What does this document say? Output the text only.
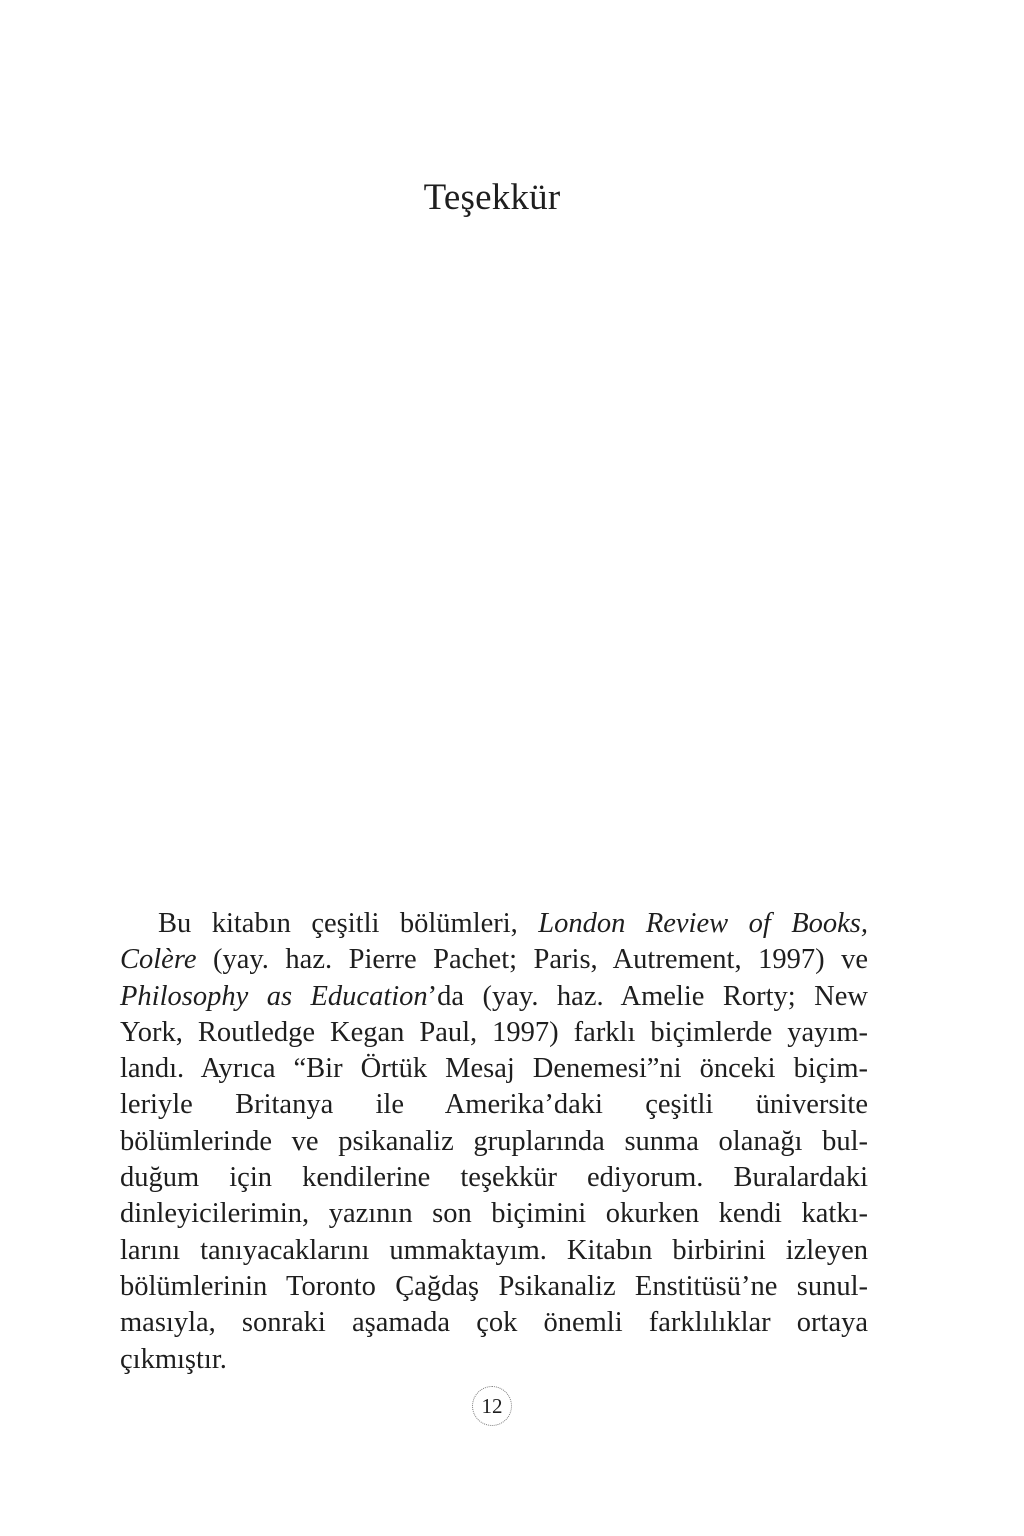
Teşekkür
Bu kitabın çeşitli bölümleri, London Review of Books,
Colère (yay. haz. Pierre Pachet; Paris, Autrement, 1997) ve
Philosophy as Education’da (yay. haz. Amelie Rorty; New
York, Routledge Kegan Paul, 1997) farklı biçimlerde yayım-
landı. Ayrıca “Bir Örtük Mesaj Denemesi”ni önceki biçim-
leriyle Britanya ile Amerika’daki çeşitli üniversite
bölümlerinde ve psikanaliz gruplarında sunma olanağı bul-
duğum için kendilerine teşekkür ediyorum. Buralardaki
dinleyicilerimin, yazının son biçimini okurken kendi katkı-
larını tanıyacaklarını ummaktayım. Kitabın birbirini izleyen
bölümlerinin Toronto Çağdaş Psikanaliz Enstitüsü’ne sunul-
masıyla, sonraki aşamada çok önemli farklılıklar ortaya
çıkmıştır.
12
